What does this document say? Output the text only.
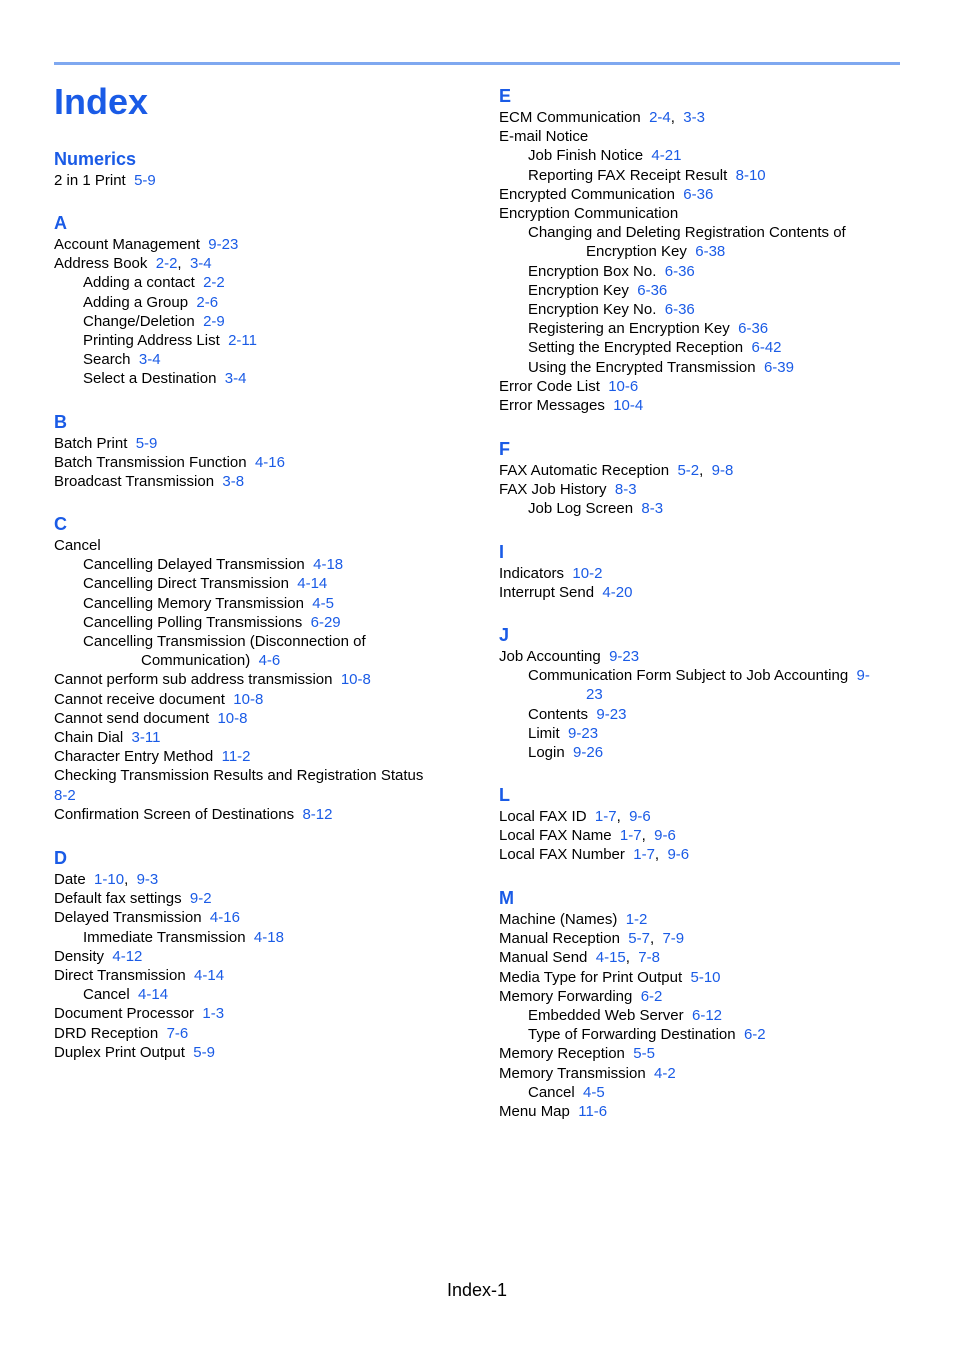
Index
Numerics
2 in 1 Print 5-9
A
Account Management 9-23
Address Book 2-2,  3-4
Adding a contact 2-2
Adding a Group 2-6
Change/Deletion 2-9
Printing Address List 2-11
Search 3-4
Select a Destination 3-4
B
Batch Print 5-9
Batch Transmission Function 4-16
Broadcast Transmission 3-8
C
Cancel
Cancelling Delayed Transmission 4-18
Cancelling Direct Transmission 4-14
Cancelling Memory Transmission 4-5
Cancelling Polling Transmissions 6-29
Cancelling Transmission (Disconnection of
Communication) 4-6
Cannot perform sub address transmission 10-8
Cannot receive document 10-8
Cannot send document 10-8
Chain Dial 3-11
Character Entry Method 11-2
Checking Transmission Results and Registration Status
8-2
Confirmation Screen of Destinations 8-12
D
Date 1-10,  9-3
Default fax settings 9-2
Delayed Transmission 4-16
Immediate Transmission 4-18
Density 4-12
Direct Transmission 4-14
Cancel 4-14
Document Processor 1-3
DRD Reception 7-6
Duplex Print Output 5-9
E
ECM Communication 2-4,  3-3
E-mail Notice
Job Finish Notice 4-21
Reporting FAX Receipt Result 8-10
Encrypted Communication 6-36
Encryption Communication
Changing and Deleting Registration Contents of
Encryption Key 6-38
Encryption Box No. 6-36
Encryption Key 6-36
Encryption Key No. 6-36
Registering an Encryption Key 6-36
Setting the Encrypted Reception 6-42
Using the Encrypted Transmission 6-39
Error Code List 10-6
Error Messages 10-4
F
FAX Automatic Reception 5-2,  9-8
FAX Job History 8-3
Job Log Screen 8-3
I
Indicators 10-2
Interrupt Send 4-20
J
Job Accounting 9-23
Communication Form Subject to Job Accounting 9-
23
Contents 9-23
Limit 9-23
Login 9-26
L
Local FAX ID 1-7,  9-6
Local FAX Name 1-7,  9-6
Local FAX Number 1-7,  9-6
M
Machine (Names) 1-2
Manual Reception 5-7,  7-9
Manual Send 4-15,  7-8
Media Type for Print Output 5-10
Memory Forwarding 6-2
Embedded Web Server 6-12
Type of Forwarding Destination 6-2
Memory Reception 5-5
Memory Transmission 4-2
Cancel 4-5
Menu Map 11-6
Index-1
